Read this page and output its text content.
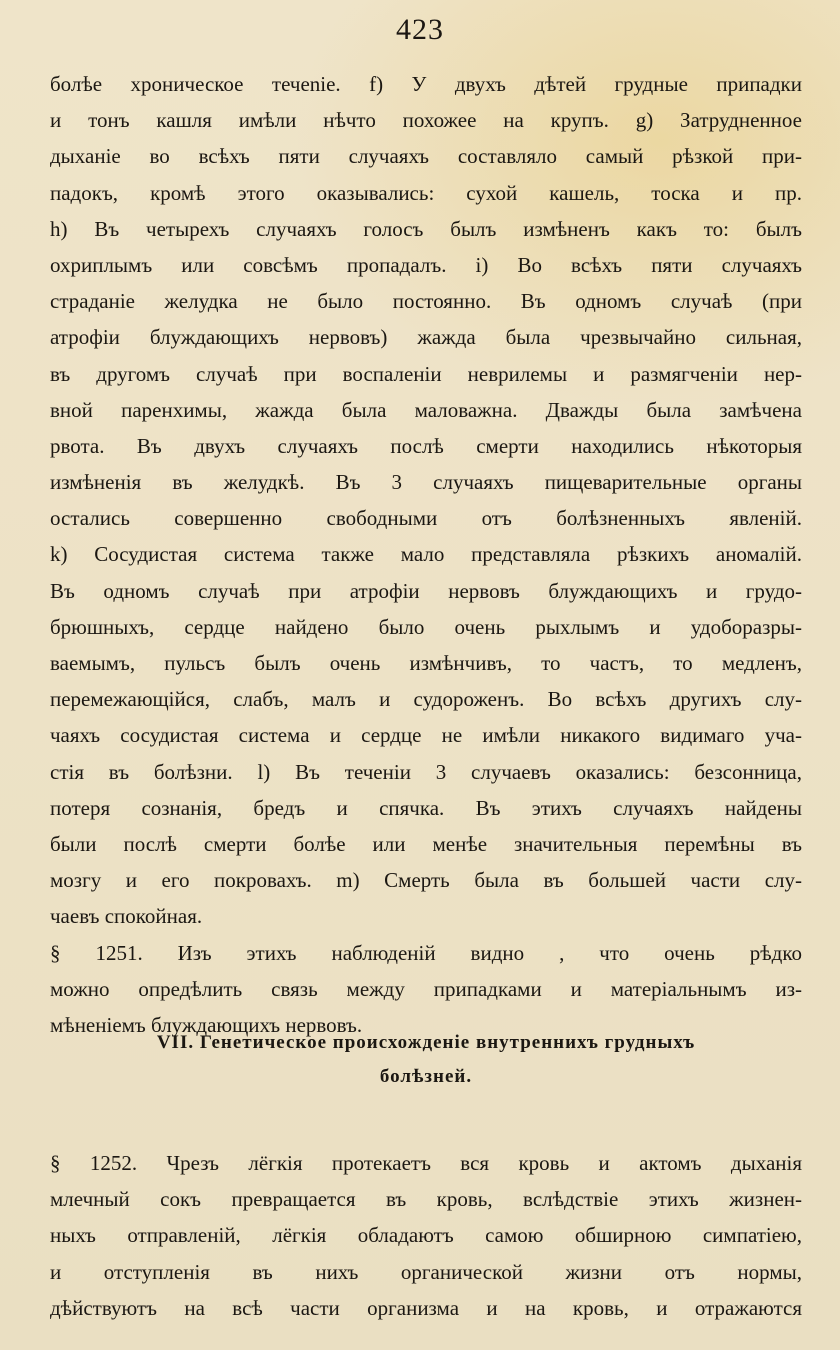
423
болѣе хроническое течеnie. f) У двухъ дѣтей грудные припадки
и тонъ кашля имѣли нѣчто похожее на крупъ. g) Затрудненное
дыханie во всѣхъ пяти случаяхъ составляло самый рѣзкой при-
падокъ, кромѣ этого оказывались: сухой кашель, тоска и пр.
h) Въ четырехъ случаяхъ голосъ былъ измѣненъ какъ то: былъ
охриплымъ или совсѣмъ пропадалъ. i) Во всѣхъ пяти случаяхъ
страданie желудка не было постоянно. Въ одномъ случаѣ (при
атрофiи блуждающихъ нервовъ) жажда была чрезвычайно сильная,
въ другомъ случаѣ при воспаленiи неврилемы и размягченiи нер-
вной паренхимы, жажда была маловажна. Дважды была замѣчена
рвота. Въ двухъ случаяхъ послѣ смерти находились нѣкоторыя
измѣненiя въ желудкѣ. Въ 3 случаяхъ пищеварительные органы
остались совершенно свободными отъ болѣзненныхъ явленiй.
k) Сосудистая система также мало представляла рѣзкихъ аномалiй.
Въ одномъ случаѣ при атрофiи нервовъ блуждающихъ и грудо-
брюшныхъ, сердце найдено было очень рыхлымъ и удоборазры-
ваемымъ, пульсъ былъ очень измѣнчивъ, то частъ, то медленъ,
перемежающiйся, слабъ, малъ и судороженъ. Во всѣхъ другихъ слу-
чаяхъ сосудистая система и сердце не имѣли никакого видимаго уча-
стiя въ болѣзни. l) Въ теченiи 3 случаевъ оказались: безсонница,
потеря сознанiя, бредъ и спячка. Въ этихъ случаяхъ найдены
были послѣ смерти болѣе или менѣе значительныя перемѣны въ
мозгу и его покровахъ. m) Смерть была въ большей части слу-
чаевъ спокойная.
§ 1251. Изъ этихъ наблюденiй видно , что очень рѣдко
можно опредѣлить связь между припадками и матерiальнымъ из-
мѣненiемъ блуждающихъ нервовъ.
VII. Генетическое происхожденiе внутреннихъ грудныхъ
болѣзней.
§ 1252. Чрезъ лёгкiя протекаетъ вся кровь и актомъ дыханiя
млечный сокъ превращается въ кровь, вслѣдствie этихъ жизнен-
ныхъ отправленiй, лёгкiя обладаютъ самою обширною симпатiею,
и отступленiя въ нихъ органической жизни отъ нормы,
дѣйствуютъ на всѣ части организма и на кровь, и отражаются
